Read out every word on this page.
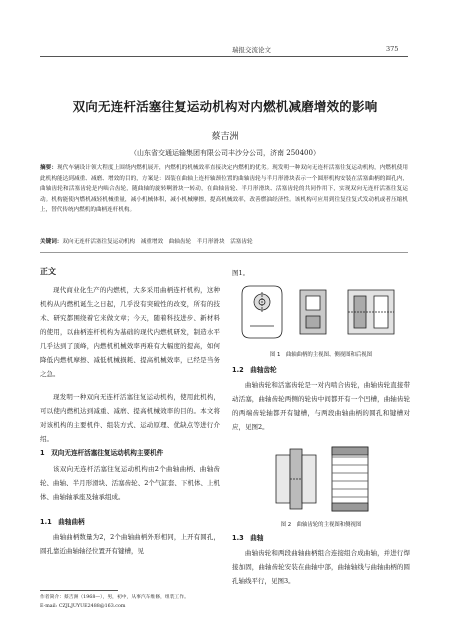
瑞报交流论文	375
双向无连杆活塞往复运动机构对内燃机减磨增效的影响
蔡吉洲
（山东省交通运输集团有限公司丰沙分公司，济南 250400）
摘要：现代车辆设计领大程度上围绕内燃机展开，内燃机的机械效率直接决定内燃机的优劣。现发明一种双向无连杆活塞往复运动机构，内燃机使用此机构能达到减重、减磨、增效的目的，方案是：固装在曲轴上连杆轴颈位置的曲轴齿轮与半月形滑块表示一个圆形机构安装在活塞曲柄的圆孔内，曲轴齿轮和活塞齿轮是内啮合齿轮，随曲轴的旋转啊滑块一转动，在曲轴齿轮、半月形滑块、活塞齿轮的共同作用下，实现双向无连杆活塞往复运动。机构能使内燃机减轻机械重量，减小机械体积，减小机械摩擦，提高机械效率，改善燃油经济性。该机构可应用到往复往复式发动机或者压缩机上，替代传统内燃机的曲柄连杆机构。
关键词：双向无连杆活塞往复运动机构　减重增效　曲轴齿轮　半月形滑块　活塞齿轮
正文
现代商业化生产的内燃机，大多采用曲柄连杆机构，这种机构从内燃机诞生之日起，几乎没有突破性的改变，所有的技术、研究都围绕着它来做文章；今天，随着科技进步、新材料的使用，以曲柄连杆机构为基础的现代内燃机研发，制造水平几乎达到了顶峰，内燃机机械效率再难有大幅度的提高，如何降低内燃机摩擦、减低机械损耗、提高机械效率，已经是当务之急。
现发明一种双向无连杆活塞往复运动机构，使用此机构，可以使内燃机达到减重、减磨、提高机械效率的目的。本文将对该机构的主要机件、组装方式、运动原理、优缺点等进行介绍。
1　双向无连杆活塞往复运动机构主要机件
该双向无连杆活塞往复运动机构由2个曲轴曲柄、曲轴齿轮、曲轴、半月形滑块、活塞齿轮、2个气缸套、下机体、上机体、曲轴轴承座及轴承组成。
1.1　曲轴曲柄
曲轴曲柄数量为2，2个曲轴曲柄外形相同，上开有圆孔，圆孔靠近曲轴轴径位置开有键槽，见
作者简介：蔡吉洲（1968—），男，初中，从事汽车维修，组装工作。
E-mail: CZJLJUYUE2488@163.com
图1。
图 1　曲轴曲柄的主视图、侧视图和后视图
1.2　曲轴齿轮
曲轴齿轮和活塞齿轮是一对内啮合齿轮，曲轴齿轮直接带动活塞，曲轴齿轮两侧的轮齿中间都开有一个凹槽，曲轴齿轮的两端齿轮轴都开有键槽，与两段曲轴曲柄的圆孔和键槽对应，见图2。
图 2　曲轴齿轮的主视图和侧视图
1.3　曲轴
曲轴齿轮和两段曲轴曲柄组合连接组合成曲轴，并进行焊接加固，曲轴齿轮安装在曲轴中部，曲轴轴线与曲轴曲柄的圆孔轴线平行，见图3。
